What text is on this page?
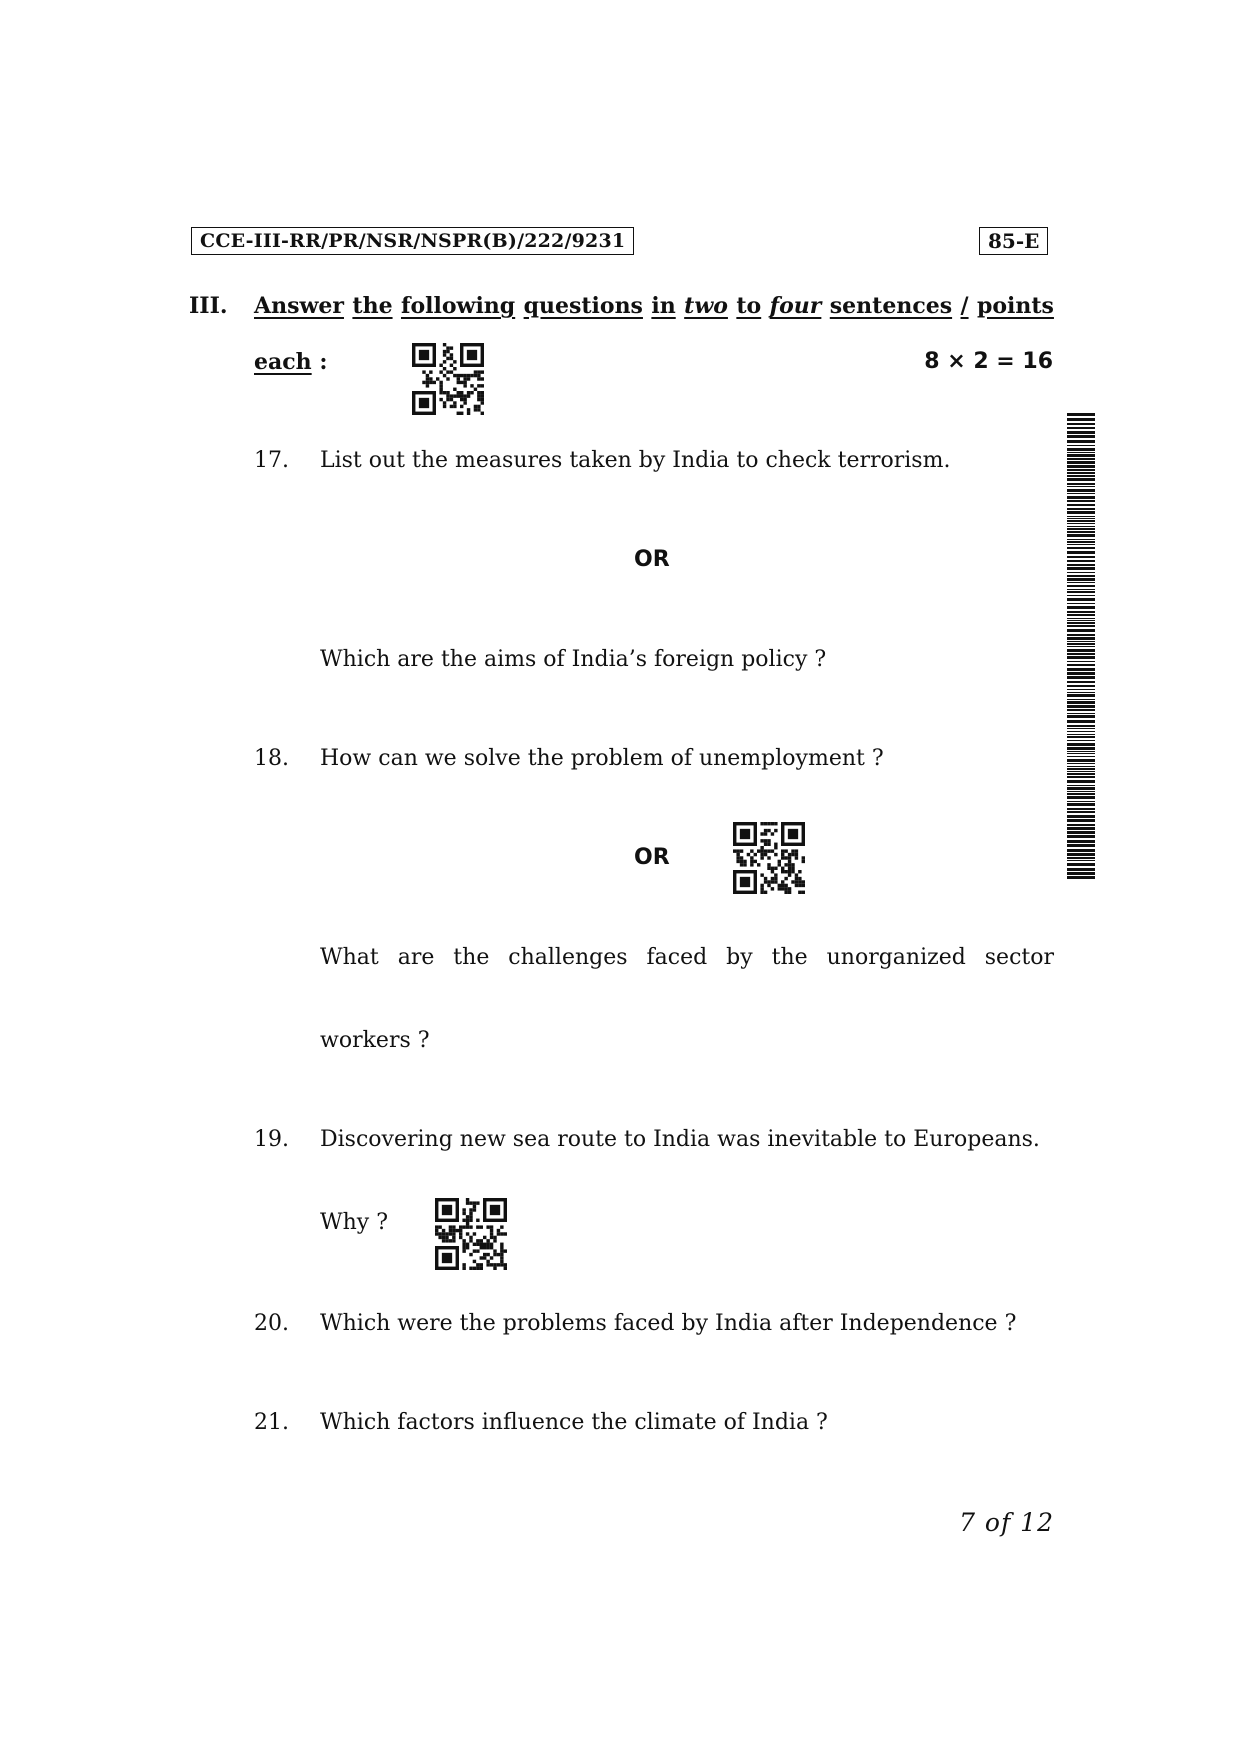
CCE-III-RR/PR/NSR/NSPR(B)/222/9231	85-E
III. Answer the following questions in two to four sentences / points
each :	8 × 2 = 16
17. List out the measures taken by India to check terrorism.
OR
Which are the aims of India’s foreign policy ?
18. How can we solve the problem of unemployment ?
OR
What are the challenges faced by the unorganized sector
workers ?
19. Discovering new sea route to India was inevitable to Europeans.
Why ?
20. Which were the problems faced by India after Independence ?
21. Which factors influence the climate of India ?
7 of 12
